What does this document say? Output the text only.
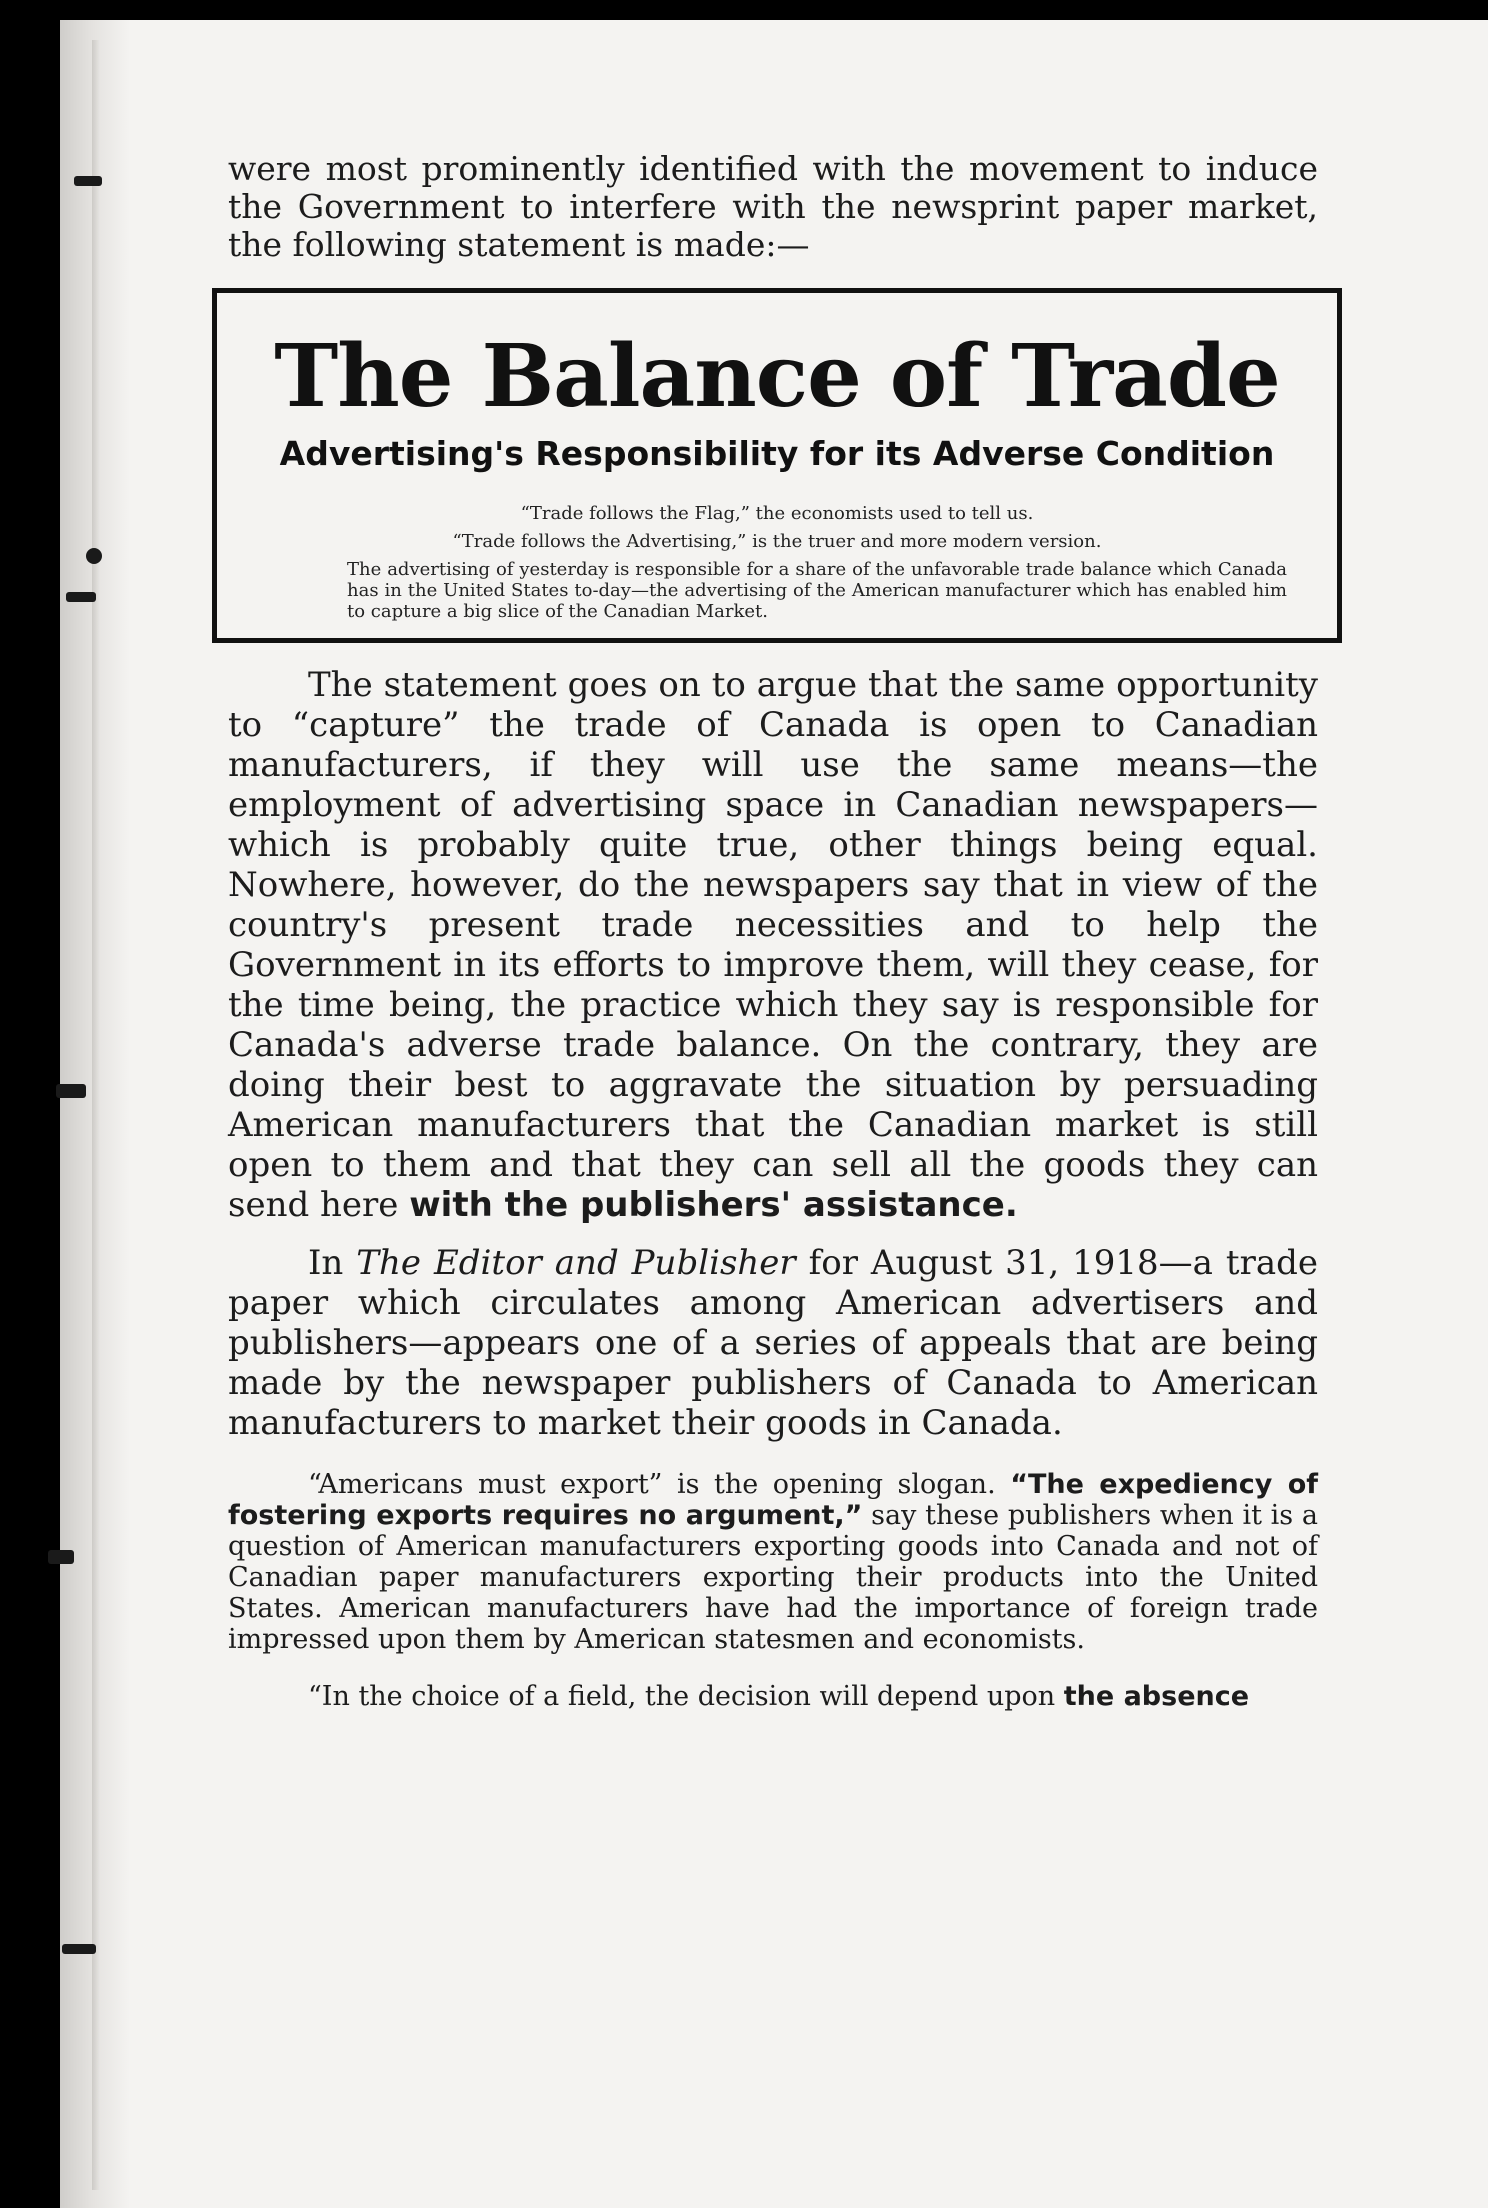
were most prominently identified with the movement to induce the Government to interfere with the newsprint paper market, the following statement is made:—

The Balance of Trade

Advertising's Responsibility for its Adverse Condition

“Trade follows the Flag,” the economists used to tell us.

“Trade follows the Advertising,” is the truer and more modern version.

The advertising of yesterday is responsible for a share of the unfavorable trade balance which Canada has in the United States to-day—the advertising of the American manufacturer which has enabled him to capture a big slice of the Canadian Market.

The statement goes on to argue that the same opportunity to “capture” the trade of Canada is open to Canadian manufacturers, if they will use the same means—the employment of advertising space in Canadian newspapers—which is probably quite true, other things being equal. Nowhere, however, do the newspapers say that in view of the country's present trade necessities and to help the Government in its efforts to improve them, will they cease, for the time being, the practice which they say is responsible for Canada's adverse trade balance. On the contrary, they are doing their best to aggravate the situation by persuading American manufacturers that the Canadian market is still open to them and that they can sell all the goods they can send here with the publishers' assistance.

In The Editor and Publisher for August 31, 1918—a trade paper which circulates among American advertisers and publishers—appears one of a series of appeals that are being made by the newspaper publishers of Canada to American manufacturers to market their goods in Canada.

“Americans must export” is the opening slogan. “The expediency of fostering exports requires no argument,” say these publishers when it is a question of American manufacturers exporting goods into Canada and not of Canadian paper manufacturers exporting their products into the United States. American manufacturers have had the importance of foreign trade impressed upon them by American statesmen and economists.

“In the choice of a field, the decision will depend upon the absence
